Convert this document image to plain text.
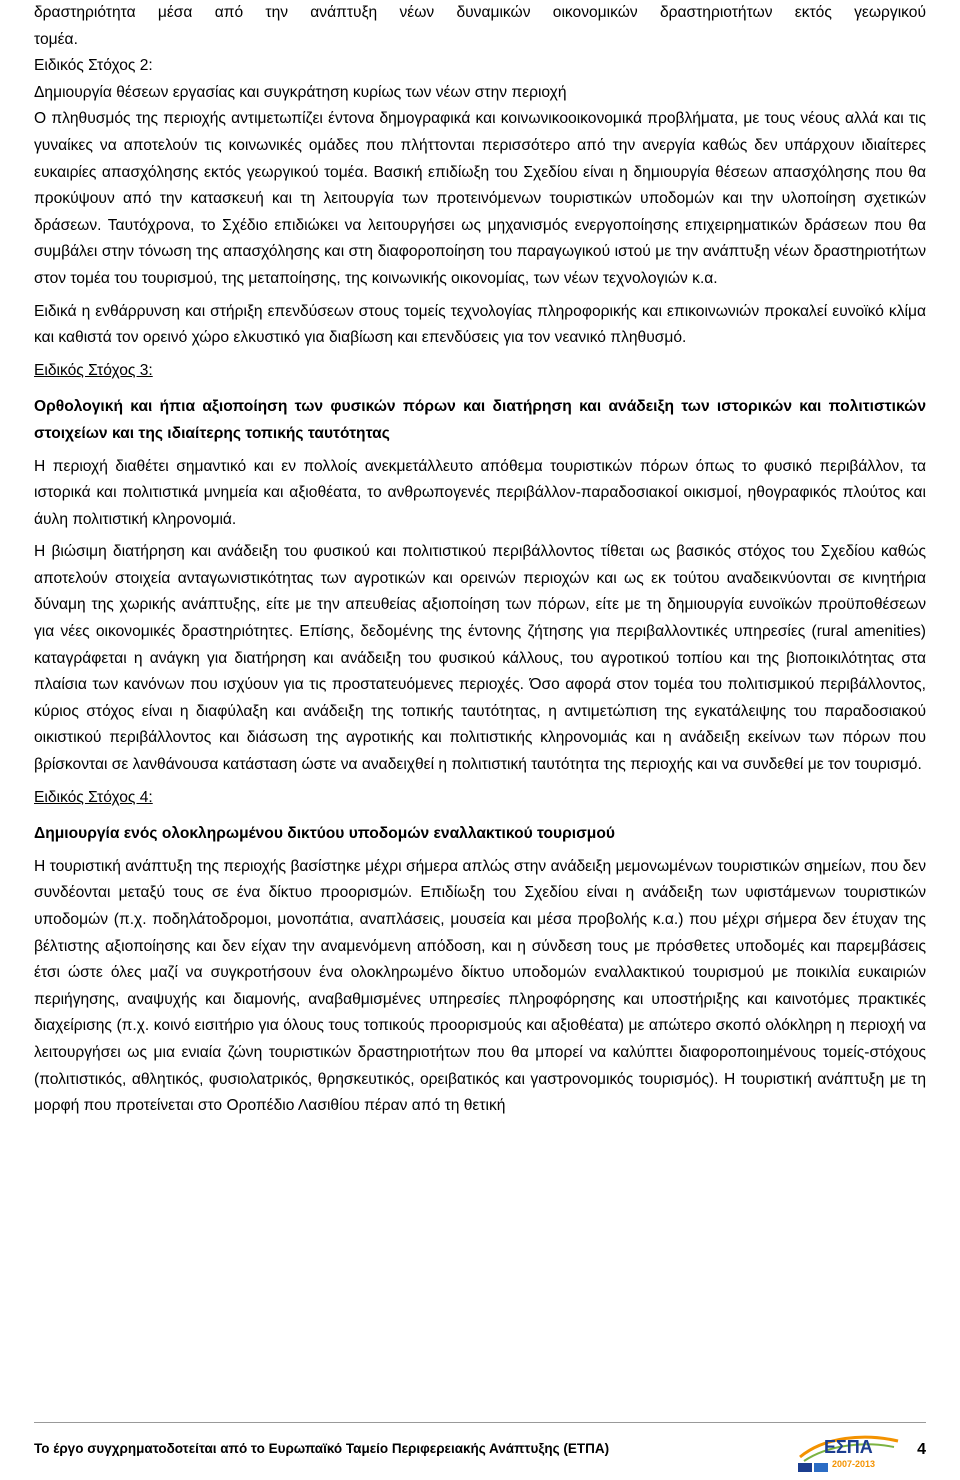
δραστηριότητα μέσα από την ανάπτυξη νέων δυναμικών οικονομικών δραστηριοτήτων εκτός γεωργικού

τομέα.

Ειδικός Στόχος 2:
Δημιουργία θέσεων εργασίας και συγκράτηση κυρίως των νέων στην περιοχή

Ο πληθυσμός της περιοχής αντιμετωπίζει έντονα δημογραφικά και κοινωνικοοικονομικά προβλήματα, με τους νέους αλλά και τις γυναίκες να αποτελούν τις κοινωνικές ομάδες που πλήττονται περισσότερο από την ανεργία καθώς δεν υπάρχουν ιδιαίτερες ευκαιρίες απασχόλησης εκτός γεωργικού τομέα. Βασική επιδίωξη του Σχεδίου είναι η δημιουργία θέσεων απασχόλησης που θα προκύψουν από την κατασκευή και τη λειτουργία των προτεινόμενων τουριστικών υποδομών και την υλοποίηση σχετικών δράσεων. Ταυτόχρονα, το Σχέδιο επιδιώκει να λειτουργήσει ως μηχανισμός ενεργοποίησης επιχειρηματικών δράσεων που θα συμβάλει στην τόνωση της απασχόλησης και στη διαφοροποίηση του παραγωγικού ιστού με την ανάπτυξη νέων δραστηριοτήτων στον τομέα του τουρισμού, της μεταποίησης, της κοινωνικής οικονομίας, των νέων τεχνολογιών κ.α.

Ειδικά η ενθάρρυνση και στήριξη επενδύσεων στους τομείς τεχνολογίας πληροφορικής και επικοινωνιών προκαλεί ευνοϊκό κλίμα και καθιστά τον ορεινό χώρο ελκυστικό για διαβίωση και επενδύσεις για τον νεανικό πληθυσμό.

Ειδικός Στόχος 3:
Ορθολογική και ήπια αξιοποίηση των φυσικών πόρων και διατήρηση και ανάδειξη των ιστορικών και πολιτιστικών στοιχείων και της ιδιαίτερης τοπικής ταυτότητας

Η περιοχή διαθέτει σημαντικό και εν πολλοίς ανεκμετάλλευτο απόθεμα τουριστικών πόρων όπως το φυσικό περιβάλλον, τα ιστορικά και πολιτιστικά μνημεία και αξιοθέατα, το ανθρωπογενές περιβάλλον-παραδοσιακοί οικισμοί, ηθογραφικός πλούτος και άυλη πολιτιστική κληρονομιά.

Η βιώσιμη διατήρηση και ανάδειξη του φυσικού και πολιτιστικού περιβάλλοντος τίθεται ως βασικός στόχος του Σχεδίου καθώς αποτελούν στοιχεία ανταγωνιστικότητας των αγροτικών και ορεινών περιοχών και ως εκ τούτου αναδεικνύονται σε κινητήρια δύναμη της χωρικής ανάπτυξης, είτε με την απευθείας αξιοποίηση των πόρων, είτε με τη δημιουργία ευνοϊκών προϋποθέσεων για νέες οικονομικές δραστηριότητες. Επίσης, δεδομένης της έντονης ζήτησης για περιβαλλοντικές υπηρεσίες (rural amenities) καταγράφεται η ανάγκη για διατήρηση και ανάδειξη του φυσικού κάλλους, του αγροτικού τοπίου και της βιοποικιλότητας στα πλαίσια των κανόνων που ισχύουν για τις προστατευόμενες περιοχές. Όσο αφορά στον τομέα του πολιτισμικού περιβάλλοντος, κύριος στόχος είναι η διαφύλαξη και ανάδειξη της τοπικής ταυτότητας, η αντιμετώπιση της εγκατάλειψης του παραδοσιακού οικιστικού περιβάλλοντος και διάσωση της αγροτικής και πολιτιστικής κληρονομιάς και η ανάδειξη εκείνων των πόρων που βρίσκονται σε λανθάνουσα κατάσταση ώστε να αναδειχθεί η πολιτιστική ταυτότητα της περιοχής και να συνδεθεί με τον τουρισμό.

Ειδικός Στόχος 4:
Δημιουργία ενός ολοκληρωμένου δικτύου υποδομών εναλλακτικού τουρισμού

Η τουριστική ανάπτυξη της περιοχής βασίστηκε μέχρι σήμερα απλώς στην ανάδειξη μεμονωμένων τουριστικών σημείων, που δεν συνδέονται μεταξύ τους σε ένα δίκτυο προορισμών. Επιδίωξη του Σχεδίου είναι η ανάδειξη των υφιστάμενων τουριστικών υποδομών (π.χ. ποδηλάτοδρομοι, μονοπάτια, αναπλάσεις, μουσεία και μέσα προβολής κ.α.) που μέχρι σήμερα δεν έτυχαν της βέλτιστης αξιοποίησης και δεν είχαν την αναμενόμενη απόδοση, και η σύνδεση τους με πρόσθετες υποδομές και παρεμβάσεις έτσι ώστε όλες μαζί να συγκροτήσουν ένα ολοκληρωμένο δίκτυο υποδομών εναλλακτικού τουρισμού με ποικιλία ευκαιριών περιήγησης, αναψυχής και διαμονής, αναβαθμισμένες υπηρεσίες πληροφόρησης και υποστήριξης και καινοτόμες πρακτικές διαχείρισης (π.χ. κοινό εισιτήριο για όλους τους τοπικούς προορισμούς και αξιοθέατα) με απώτερο σκοπό ολόκληρη η περιοχή να λειτουργήσει ως μια ενιαία ζώνη τουριστικών δραστηριοτήτων που θα μπορεί να καλύπτει διαφοροποιημένους τομείς-στόχους (πολιτιστικός, αθλητικός, φυσιολατρικός, θρησκευτικός, ορειβατικός και γαστρονομικός τουρισμός). Η τουριστική ανάπτυξη με τη μορφή που προτείνεται στο Οροπέδιο Λασιθίου πέραν από τη θετική

Το έργο συγχρηματοδοτείται από το Ευρωπαϊκό Ταμείο Περιφερειακής Ανάπτυξης (ΕΤΠΑ)	ΕΣΠΑ
2007-2013
4
